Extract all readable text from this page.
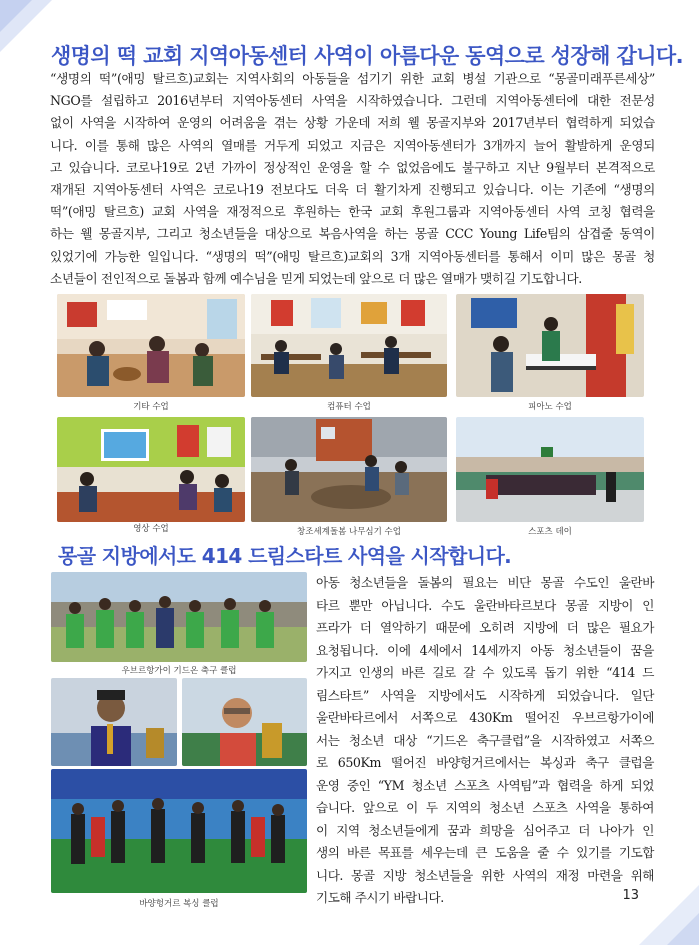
생명의 떡 교회 지역아동센터 사역이 아름다운 동역으로 성장해 갑니다.
“생명의 떡”(애밍 탈르흐)교회는 지역사회의 아동들을 섬기기 위한 교회 병설 기관으로 “몽골미래푸른세상”
NGO를 설립하고 2016년부터 지역아동센터 사역을 시작하였습니다. 그런데 지역아동센터에 대한 전문성
없이 사역을 시작하여 운영의 어려움을 겪는 상황 가운데 저희 웰 몽골지부와 2017년부터 협력하게 되었습
니다. 이를 통해 많은 사역의 열매를 거두게 되었고 지금은 지역아동센터가 3개까지 늘어 활발하게 운영되
고 있습니다. 코로나19로 2년 가까이 정상적인 운영을 할 수 없었음에도 불구하고 지난 9월부터 본격적으로
재개된 지역아동센터 사역은 코로나19 전보다도 더욱 더 활기차게 진행되고 있습니다. 이는 기존에 “생명의
떡”(애밍 탈르흐) 교회 사역을 재정적으로 후원하는 한국 교회 후원그룹과 지역아동센터 사역 코칭 협력을
하는 웰 몽골지부, 그리고 청소년들을 대상으로 복음사역을 하는 몽골 CCC Young Life팀의 삼겹줄 동역이
있었기에 가능한 일입니다. “생명의 떡”(애밍 탈르흐)교회의 3개 지역아동센터를 통해서 이미 많은 몽골 청
소년들이 전인적으로 돌봄과 함께 예수님을 믿게 되었는데 앞으로 더 많은 열매가 맺히길 기도합니다.
기타 수업	컴퓨터 수업	피아노 수업
영상 수업	창조세계돌봄 나무심기 수업	스포츠 데이
몽골 지방에서도 414 드림스타트 사역을 시작합니다.
우브르항가이 기드온 축구 클럽
바양헝거르 복싱 클럽
아동 청소년들을 돌봄의 필요는 비단 몽골 수도인 울란바
타르 뿐만 아닙니다. 수도 울란바타르보다 몽골 지방이 인
프라가 더 열악하기 때문에 오히려 지방에 더 많은 필요가
요청됩니다. 이에 4세에서 14세까지 아동 청소년들이 꿈을
가지고 인생의 바른 길로 갈 수 있도록 돕기 위한 “414 드
림스타트” 사역을 지방에서도 시작하게 되었습니다. 일단
울란바타르에서 서쪽으로 430Km 떨어진 우브르항가이에
서는 청소년 대상 “기드온 축구클럽”을 시작하였고 서쪽으
로 650Km 떨어진 바양헝거르에서는 복싱과 축구 클럽을
운영 중인 “YM 청소년 스포츠 사역팀”과 협력을 하게 되었
습니다. 앞으로 이 두 지역의 청소년 스포츠 사역을 통하여
이 지역 청소년들에게 꿈과 희망을 심어주고 더 나아가 인
생의 바른 목표를 세우는데 큰 도움을 줄 수 있기를 기도합
니다. 몽골 지방 청소년들을 위한 사역의 재정 마련을 위해
기도해 주시기 바랍니다.	13
